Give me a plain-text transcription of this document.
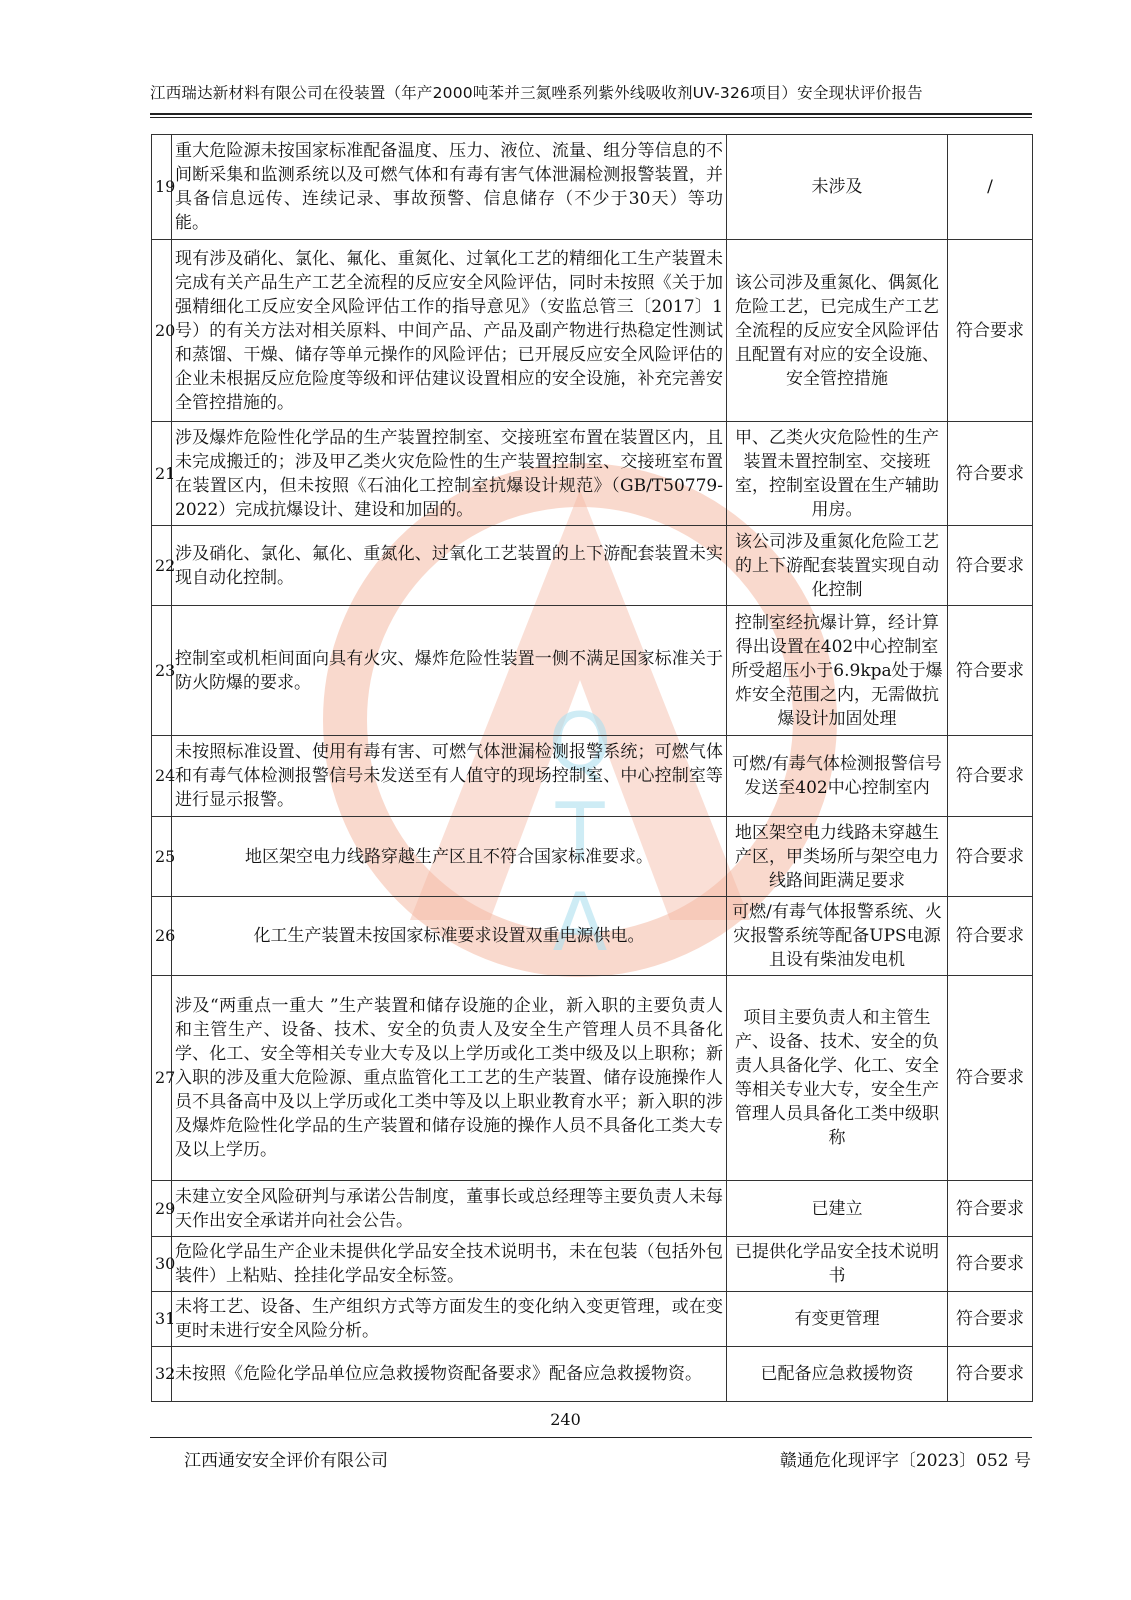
江西瑞达新材料有限公司在役装置（年产2000吨苯并三氮唑系列紫外线吸收剂UV-326项目）安全现状评价报告
Q
T
A
19	重大危险源未按国家标准配备温度、压力、液位、流量、组分等信息的不间断采集和监测系统以及可燃气体和有毒有害气体泄漏检测报警装置，并具备信息远传、连续记录、事故预警、信息储存（不少于30天）等功能。	未涉及	/
20	现有涉及硝化、氯化、氟化、重氮化、过氧化工艺的精细化工生产装置未完成有关产品生产工艺全流程的反应安全风险评估，同时未按照《关于加强精细化工反应安全风险评估工作的指导意见》（安监总管三〔2017〕1号）的有关方法对相关原料、中间产品、产品及副产物进行热稳定性测试和蒸馏、干燥、储存等单元操作的风险评估；已开展反应安全风险评估的企业未根据反应危险度等级和评估建议设置相应的安全设施，补充完善安全管控措施的。	该公司涉及重氮化、偶氮化危险工艺，已完成生产工艺全流程的反应安全风险评估且配置有对应的安全设施、安全管控措施	符合要求
21	涉及爆炸危险性化学品的生产装置控制室、交接班室布置在装置区内，且未完成搬迁的；涉及甲乙类火灾危险性的生产装置控制室、交接班室布置在装置区内，但未按照《石油化工控制室抗爆设计规范》（GB/T50779-2022）完成抗爆设计、建设和加固的。	甲、乙类火灾危险性的生产装置未置控制室、交接班室，控制室设置在生产辅助用房。	符合要求
22	涉及硝化、氯化、氟化、重氮化、过氧化工艺装置的上下游配套装置未实现自动化控制。	该公司涉及重氮化危险工艺的上下游配套装置实现自动化控制	符合要求
23	控制室或机柜间面向具有火灾、爆炸危险性装置一侧不满足国家标准关于防火防爆的要求。	控制室经抗爆计算，经计算得出设置在402中心控制室所受超压小于6.9kpa处于爆炸安全范围之内，无需做抗爆设计加固处理	符合要求
24	未按照标准设置、使用有毒有害、可燃气体泄漏检测报警系统；可燃气体和有毒气体检测报警信号未发送至有人值守的现场控制室、中心控制室等进行显示报警。	可燃/有毒气体检测报警信号发送至402中心控制室内	符合要求
25	地区架空电力线路穿越生产区且不符合国家标准要求。	地区架空电力线路未穿越生产区，甲类场所与架空电力线路间距满足要求	符合要求
26	化工生产装置未按国家标准要求设置双重电源供电。	可燃/有毒气体报警系统、火灾报警系统等配备UPS电源且设有柴油发电机	符合要求
27	涉及“两重点一重大 ”生产装置和储存设施的企业，新入职的主要负责人和主管生产、设备、技术、安全的负责人及安全生产管理人员不具备化学、化工、安全等相关专业大专及以上学历或化工类中级及以上职称；新入职的涉及重大危险源、重点监管化工工艺的生产装置、储存设施操作人员不具备高中及以上学历或化工类中等及以上职业教育水平；新入职的涉及爆炸危险性化学品的生产装置和储存设施的操作人员不具备化工类大专及以上学历。	项目主要负责人和主管生产、设备、技术、安全的负责人具备化学、化工、安全等相关专业大专，安全生产管理人员具备化工类中级职称	符合要求
29	未建立安全风险研判与承诺公告制度，董事长或总经理等主要负责人未每天作出安全承诺并向社会公告。	已建立	符合要求
30	危险化学品生产企业未提供化学品安全技术说明书，未在包装（包括外包装件）上粘贴、拴挂化学品安全标签。	已提供化学品安全技术说明书	符合要求
31	未将工艺、设备、生产组织方式等方面发生的变化纳入变更管理，或在变更时未进行安全风险分析。	有变更管理	符合要求
32	未按照《危险化学品单位应急救援物资配备要求》配备应急救援物资。	已配备应急救援物资	符合要求
240
江西通安安全评价有限公司	赣通危化现评字〔2023〕052 号
